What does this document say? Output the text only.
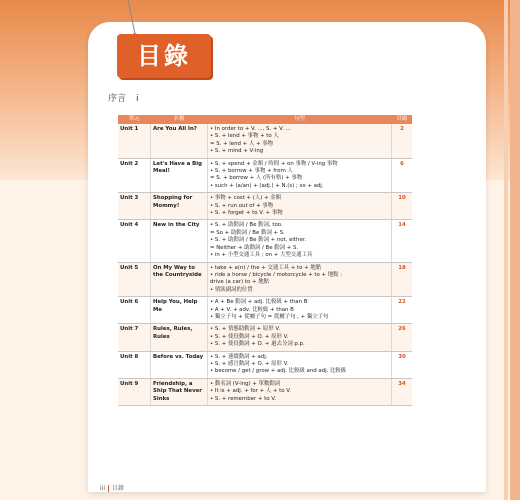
目錄
序言 i
單元	名稱	句型	頁碼
Unit 1	Are You All In?	• In order to + V. ..., S. + V. ...
• S. + lend + 事物 + to 人
= S. + lend + 人 + 事物
• S. + mind + V-ing	2
Unit 2	Let's Have a Big
Meal!	• S. + spend + 金額 / 時間 + on 事物 / V-ing 事物
• S. + borrow + 事物 + from 人
= S. + borrow + 人 (所有格) + 事物
• such + (a/an) + (adj.) + N.(s) ; so + adj.	6
Unit 3	Shopping for
Mommy!	• 事物 + cost + (人) + 金額
• S. + run out of + 事物
• S. + forget + to V. + 事物	10
Unit 4	New in the City	• S. + 助動詞 / Be 動詞, too.
= So + 助動詞 / Be 動詞 + S.
• S. + 助動詞 / Be 動詞 + not, either.
= Neither + 助動詞 / Be 動詞 + S.
• in + 小型交通工具 ; on + 大型交通工具	14
Unit 5	On My Way to
the Countryside	• take + a(n) / the + 交通工具 + to + 地點
• ride a horse / bicycle / motorcycle + to + 地點 :
drive (a car) to + 地點
• 情狀副詞的位置	18
Unit 6	Help You, Help
Me	• A + Be 動詞 + adj. 比較級 + than B
• A + V. + adv. 比較級 + than B
• 獨立子句 + 從屬子句 = 從屬子句 , + 獨立子句	22
Unit 7	Rules, Rules,
Rules	• S. + 情態助動詞 + 原形 V.
• S. + 使役動詞 + O. + 原形 V.
• S. + 使役動詞 + O. + 過去分詞 p.p.	26
Unit 8	Before vs. Today	• S. + 連綴動詞 + adj.
• S. + 感官動詞 + O. + 原形 V.
• become / get / grow + adj. 比較級 and adj. 比較級	30
Unit 9	Friendship, a
Ship That Never
Sinks	• 動名詞 (V-ing) + 單數動詞
• It is + adj. + for + 人 + to V.
• S. + remember + to V.	34
iii 目錄
